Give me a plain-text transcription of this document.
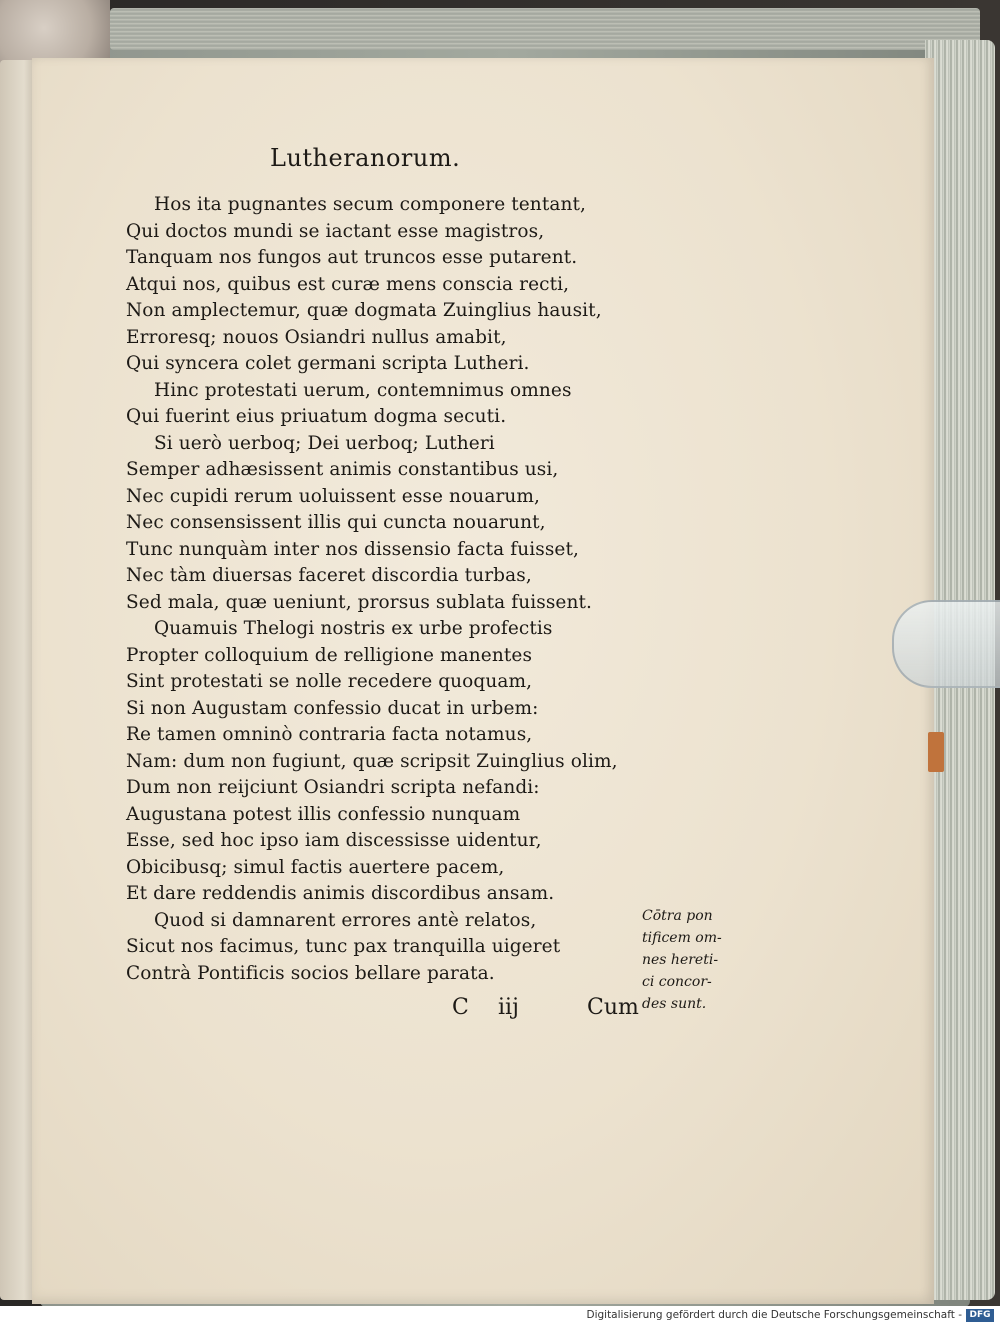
Lutheranorum.
Hos ita pugnantes secum componere tentant,
Qui doctos mundi se iactant esse magistros,
Tanquam nos fungos aut truncos esse putarent.
Atqui nos, quibus est curæ mens conscia recti,
Non amplectemur, quæ dogmata Zuinglius hausit,
Erroresq; nouos Osiandri nullus amabit,
Qui syncera colet germani scripta Lutheri.
Hinc protestati uerum, contemnimus omnes
Qui fuerint eius priuatum dogma secuti.
Si uerò uerboq; Dei uerboq; Lutheri
Semper adhæsissent animis constantibus usi,
Nec cupidi rerum uoluissent esse nouarum,
Nec consensissent illis qui cuncta nouarunt,
Tunc nunquàm inter nos dissensio facta fuisset,
Nec tàm diuersas faceret discordia turbas,
Sed mala, quæ ueniunt, prorsus sublata fuissent.
Quamuis Thelogi nostris ex urbe profectis
Propter colloquium de relligione manentes
Sint protestati se nolle recedere quoquam,
Si non Augustam confessio ducat in urbem:
Re tamen omninò contraria facta notamus,
Nam: dum non fugiunt, quæ scripsit Zuinglius olim,
Dum non reijciunt Osiandri scripta nefandi:
Augustana potest illis confessio nunquam
Esse, sed hoc ipso iam discessisse uidentur,
Obicibusq; simul factis auertere pacem,
Et dare reddendis animis discordibus ansam.
Quod si damnarent errores antè relatos,
Sicut nos facimus, tunc pax tranquilla uigeret
Contrà Pontificis socios bellare parata.
C iij	Cum
Cōtra pon
tificem om-
nes hereti-
ci concor-
des sunt.
Digitalisierung gefördert durch die Deutsche Forschungsgemeinschaft - DFG
